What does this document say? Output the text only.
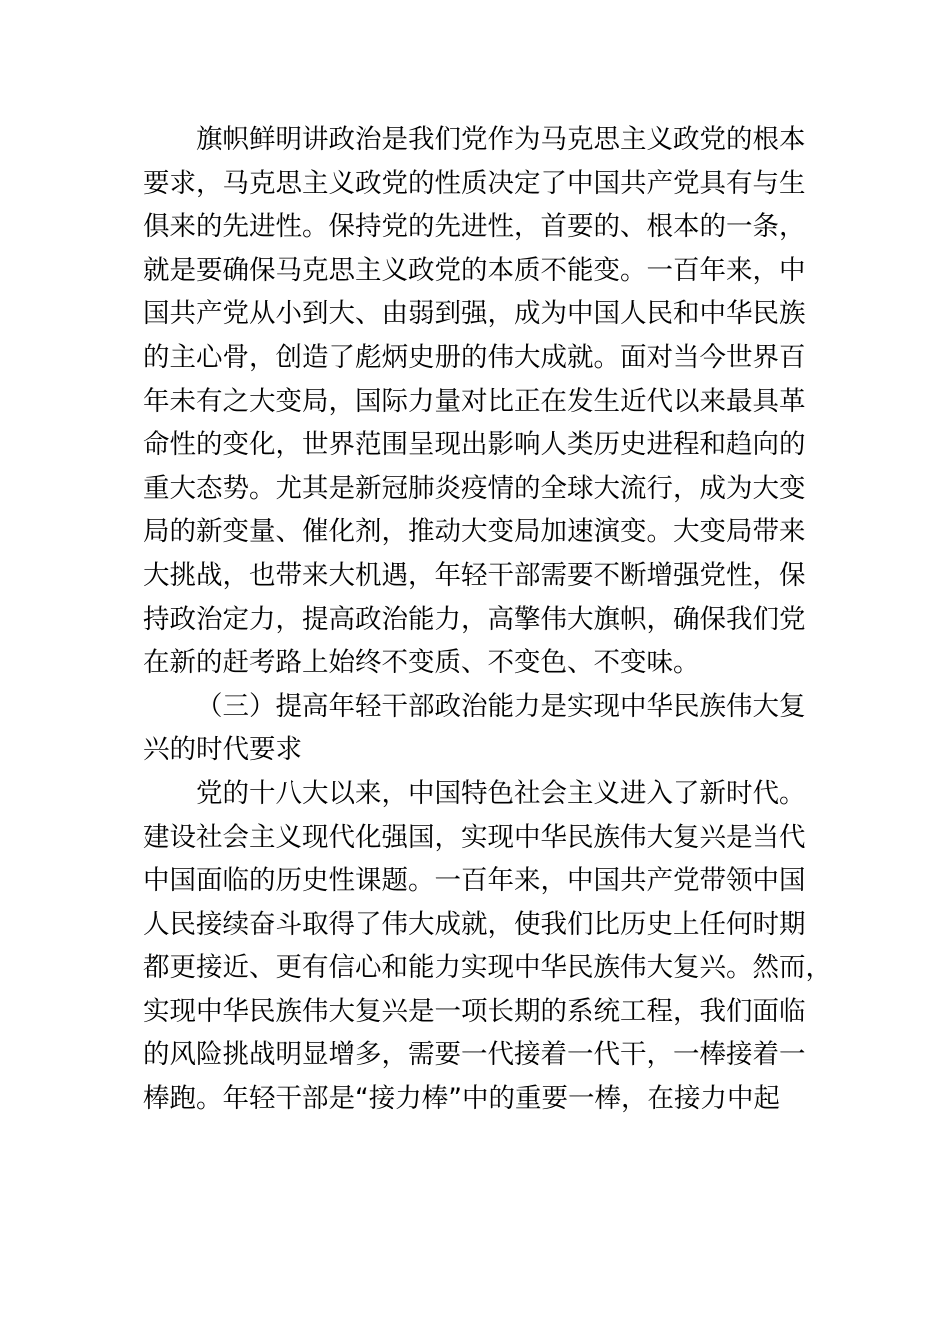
旗帜鲜明讲政治是我们党作为马克思主义政党的根本
要求，马克思主义政党的性质决定了中国共产党具有与生
俱来的先进性。保持党的先进性，首要的、根本的一条，
就是要确保马克思主义政党的本质不能变。一百年来，中
国共产党从小到大、由弱到强，成为中国人民和中华民族
的主心骨，创造了彪炳史册的伟大成就。面对当今世界百
年未有之大变局，国际力量对比正在发生近代以来最具革
命性的变化，世界范围呈现出影响人类历史进程和趋向的
重大态势。尤其是新冠肺炎疫情的全球大流行，成为大变
局的新变量、催化剂，推动大变局加速演变。大变局带来
大挑战，也带来大机遇，年轻干部需要不断增强党性，保
持政治定力，提高政治能力，高擎伟大旗帜，确保我们党
在新的赶考路上始终不变质、不变色、不变味。
（三）提高年轻干部政治能力是实现中华民族伟大复
兴的时代要求
党的十八大以来，中国特色社会主义进入了新时代。
建设社会主义现代化强国，实现中华民族伟大复兴是当代
中国面临的历史性课题。一百年来，中国共产党带领中国
人民接续奋斗取得了伟大成就，使我们比历史上任何时期
都更接近、更有信心和能力实现中华民族伟大复兴。然而，
实现中华民族伟大复兴是一项长期的系统工程，我们面临
的风险挑战明显增多，需要一代接着一代干，一棒接着一
棒跑。年轻干部是“接力棒”中的重要一棒，在接力中起
